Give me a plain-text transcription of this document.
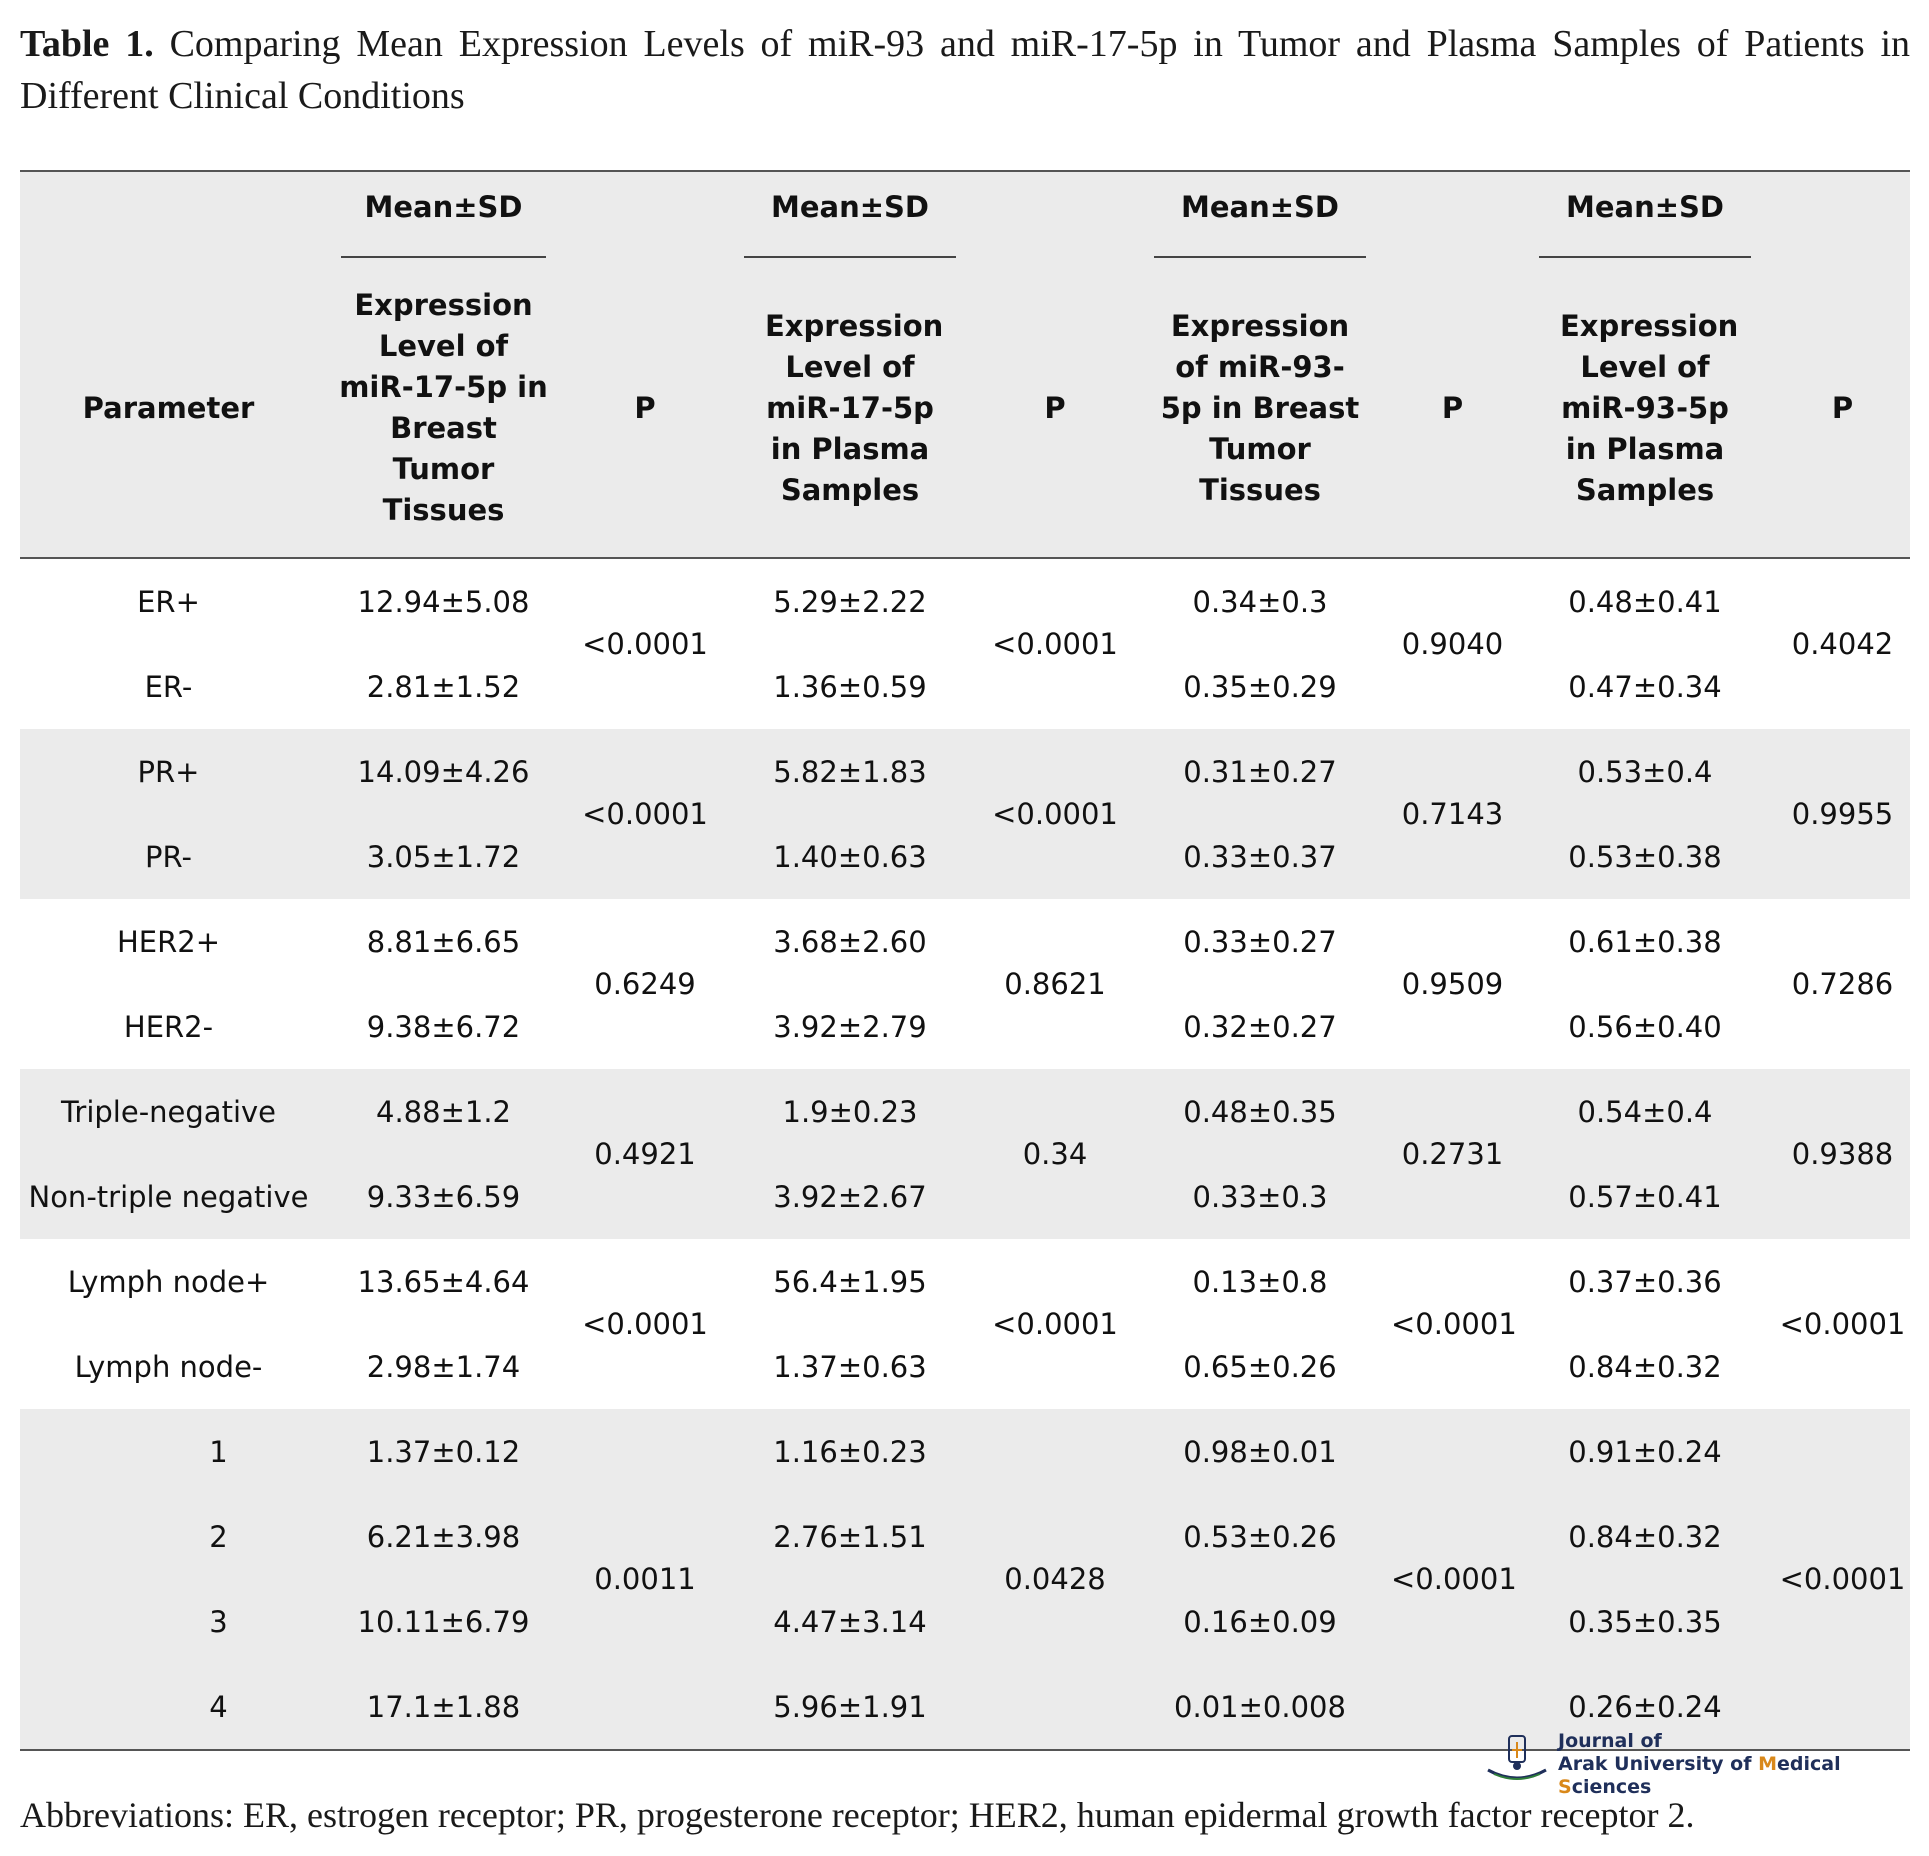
Table 1. Comparing Mean Expression Levels of miR-93 and miR-17-5p in Tumor and Plasma Samples of Patients in Different Clinical Conditions
	Mean±SD		Mean±SD		Mean±SD		Mean±SD	
Parameter	Expression Level of miR-17-5p in Breast Tumor Tissues	P	Expression Level of miR-17-5p in Plasma Samples	P	Expression of miR-93-5p in Breast Tumor Tissues	P	Expression Level of miR-93-5p in Plasma Samples	P
ER+	12.94±5.08	<0.0001	5.29±2.22	<0.0001	0.34±0.3	0.9040	0.48±0.41	0.4042
ER-	2.81±1.52		1.36±0.59		0.35±0.29		0.47±0.34	
PR+	14.09±4.26	<0.0001	5.82±1.83	<0.0001	0.31±0.27	0.7143	0.53±0.4	0.9955
PR-	3.05±1.72		1.40±0.63		0.33±0.37		0.53±0.38	
HER2+	8.81±6.65	0.6249	3.68±2.60	0.8621	0.33±0.27	0.9509	0.61±0.38	0.7286
HER2-	9.38±6.72		3.92±2.79		0.32±0.27		0.56±0.40	
Triple-negative	4.88±1.2	0.4921	1.9±0.23	0.34	0.48±0.35	0.2731	0.54±0.4	0.9388
Non-triple negative	9.33±6.59		3.92±2.67		0.33±0.3		0.57±0.41	
Lymph node+	13.65±4.64	<0.0001	56.4±1.95	<0.0001	0.13±0.8	<0.0001	0.37±0.36	<0.0001
Lymph node-	2.98±1.74		1.37±0.63		0.65±0.26		0.84±0.32	

1	1.37±0.12	0.0011	1.16±0.23	0.0428	0.98±0.01	<0.0001	0.91±0.24	<0.0001
2	6.21±3.98		2.76±1.51		0.53±0.26		0.84±0.32	
3	10.11±6.79		4.47±3.14		0.16±0.09		0.35±0.35	
4	17.1±1.88		5.96±1.91		0.01±0.008		0.26±0.24	
Journal of
Arak University of Medical Sciences
Abbreviations: ER, estrogen receptor; PR, progesterone receptor; HER2, human epidermal growth factor receptor 2.
